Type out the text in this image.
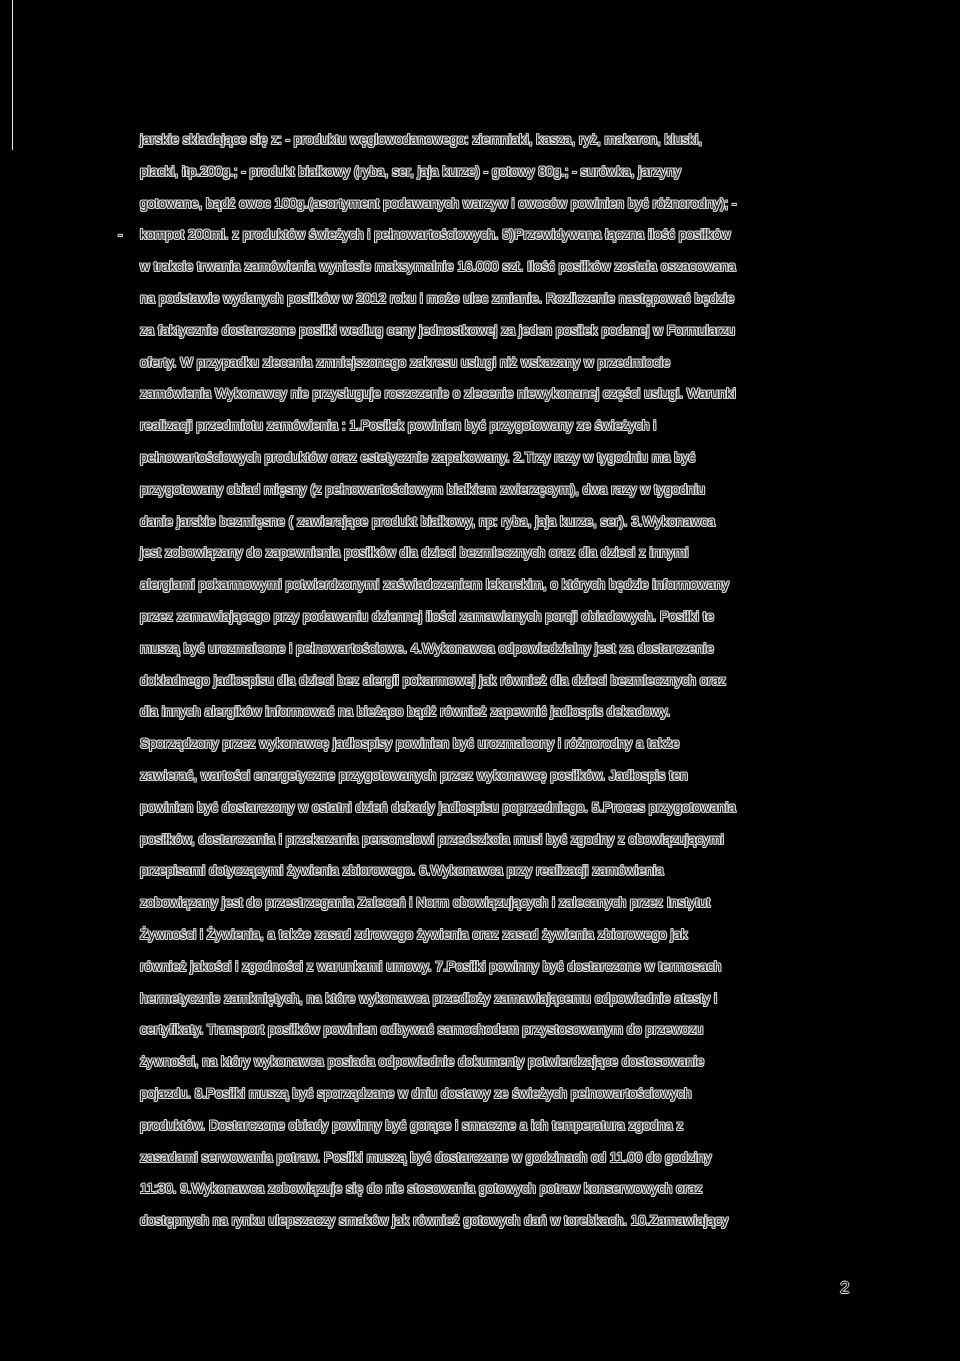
jarskie składające się z: - produktu węglowodanowego: ziemniaki, kasza, ryż, makaron, kluski,
placki, itp.200g.; - produkt białkowy (ryba, ser, jaja kurze) - gotowy 80g.; - surówka, jarzyny
gotowane, bądź owoc 100g.(asortyment podawanych warzyw i owoców powinien być różnorodny); -
- kompot 200ml. z produktów świeżych i pełnowartościowych. 5)Przewidywana łączna ilość posiłków
w trakcie trwania zamówienia wyniesie maksymalnie 16.000 szt. Ilość posiłków została oszacowana
na podstawie wydanych posiłków w 2012 roku i może ulec zmianie. Rozliczenie następować będzie
za faktycznie dostarczone posiłki według ceny jednostkowej za jeden posiłek podanej w Formularzu
oferty. W przypadku zlecenia zmniejszonego zakresu usługi niż wskazany w przedmiocie
zamówienia Wykonawcy nie przysługuje roszczenie o zlecenie niewykonanej części usługi. Warunki
realizacji przedmiotu zamówienia : 1.Posiłek powinien być przygotowany ze świeżych i
pełnowartościowych produktów oraz estetycznie zapakowany. 2.Trzy razy w tygodniu ma być
przygotowany obiad mięsny (z pełnowartościowym białkiem zwierzęcym), dwa razy w tygodniu
danie jarskie bezmięsne ( zawierające produkt białkowy, np: ryba, jaja kurze, ser). 3.Wykonawca
jest zobowiązany do zapewnienia posiłków dla dzieci bezmlecznych oraz dla dzieci z innymi
alergiami pokarmowymi potwierdzonymi zaświadczeniem lekarskim, o których będzie informowany
przez zamawiającego przy podawaniu dziennej ilości zamawianych porcji obiadowych. Posiłki te
muszą być urozmaicone i pełnowartościowe. 4.Wykonawca odpowiedzialny jest za dostarczenie
dokładnego jadłospisu dla dzieci bez alergii pokarmowej jak również dla dzieci bezmlecznych oraz
dla innych alergików informować na bieżąco bądź również zapewnić jadłospis dekadowy.
Sporządzony przez wykonawcę jadłospisy powinien być urozmaicony i różnorodny a także
zawierać, wartości energetyczne przygotowanych przez wykonawcę posiłków. Jadłospis ten
powinien być dostarczony w ostatni dzień dekady jadłospisu poprzedniego. 5.Proces przygotowania
posiłków, dostarczania i przekazania personelowi przedszkola musi być zgodny z obowiązującymi
przepisami dotyczącymi żywienia zbiorowego. 6.Wykonawca przy realizacji zamówienia
zobowiązany jest do przestrzegania Zaleceń i Norm obowiązujących i zalecanych przez Instytut
Żywności i Żywienia, a także zasad zdrowego żywienia oraz zasad żywienia zbiorowego jak
również jakości i zgodności z warunkami umowy. 7.Posiłki powinny być dostarczone w termosach
hermetycznie zamkniętych, na które wykonawca przedłoży zamawiającemu odpowiednie atesty i
certyfikaty. Transport posiłków powinien odbywać samochodem przystosowanym do przewozu
żywności, na który wykonawca posiada odpowiednie dokumenty potwierdzające dostosowanie
pojazdu. 8.Posiłki muszą być sporządzane w dniu dostawy ze świeżych pełnowartościowych
produktów. Dostarczone obiady powinny być gorące i smaczne a ich temperatura zgodna z
zasadami serwowania potraw. Posiłki muszą być dostarczane w godzinach od 11.00 do godziny
11:30. 9.Wykonawca zobowiązuje się do nie stosowania gotowych potraw konserwowych oraz
dostępnych na rynku ulepszaczy smaków jak również gotowych dań w torebkach. 10.Zamawiający
2
